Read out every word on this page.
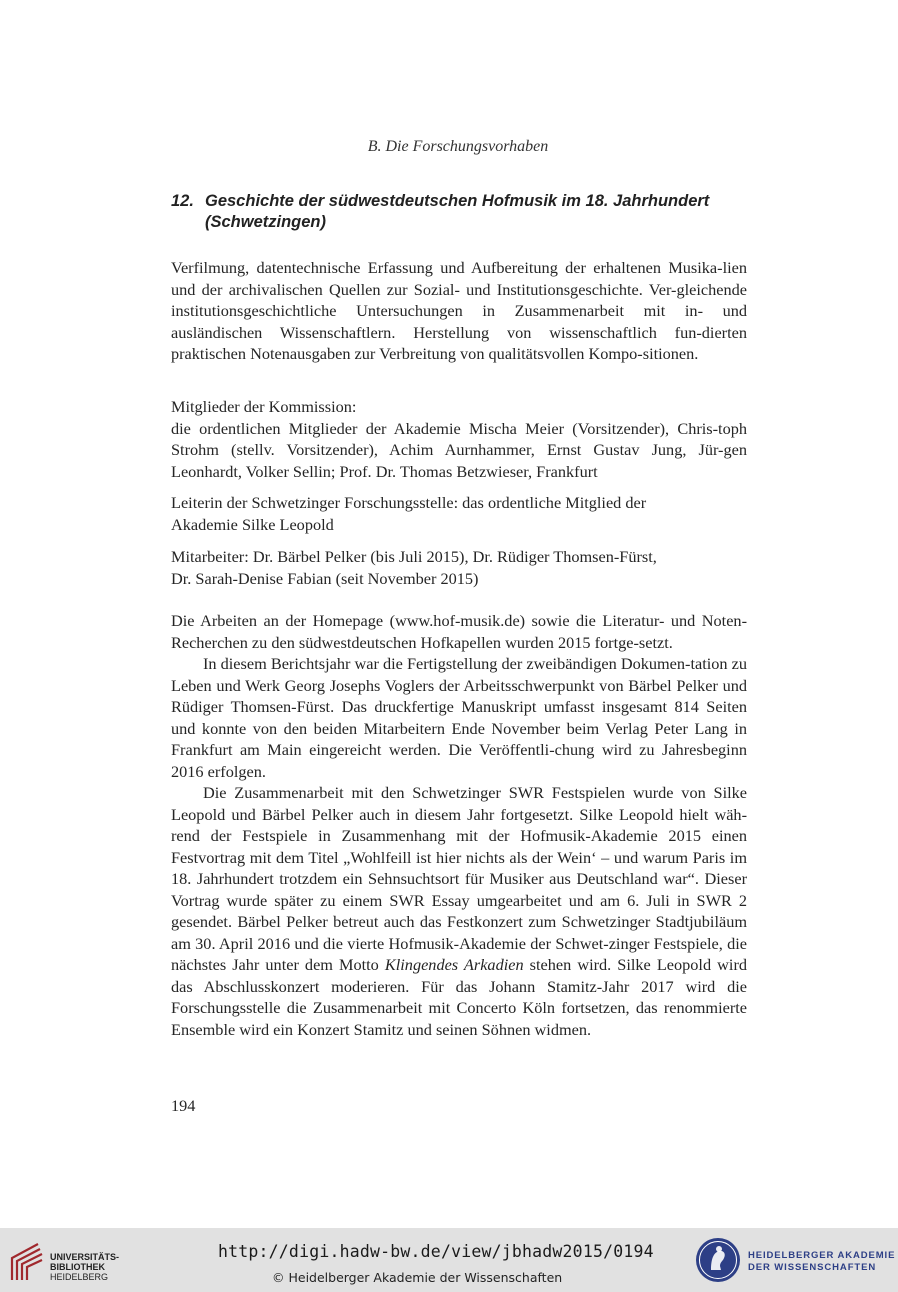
B. Die Forschungsvorhaben
12. Geschichte der südwestdeutschen Hofmusik im 18. Jahrhundert (Schwetzingen)

Verfilmung, datentechnische Erfassung und Aufbereitung der erhaltenen Musika-lien und der archivalischen Quellen zur Sozial- und Institutionsgeschichte. Ver-gleichende institutionsgeschichtliche Untersuchungen in Zusammenarbeit mit in- und ausländischen Wissenschaftlern. Herstellung von wissenschaftlich fun-dierten praktischen Notenausgaben zur Verbreitung von qualitätsvollen Kompo-sitionen.

Mitglieder der Kommission:

die ordentlichen Mitglieder der Akademie Mischa Meier (Vorsitzender), Chris-toph Strohm (stellv. Vorsitzender), Achim Aurnhammer, Ernst Gustav Jung, Jür-gen Leonhardt, Volker Sellin; Prof. Dr. Thomas Betzwieser, Frankfurt

Leiterin der Schwetzinger Forschungsstelle: das ordentliche Mitglied der

Akademie Silke Leopold

Mitarbeiter: Dr. Bärbel Pelker (bis Juli 2015), Dr. Rüdiger Thomsen-Fürst,

Dr. Sarah-Denise Fabian (seit November 2015)

Die Arbeiten an der Homepage (www.hof-musik.de) sowie die Literatur- und Noten-Recherchen zu den südwestdeutschen Hofkapellen wurden 2015 fortge-setzt.

In diesem Berichtsjahr war die Fertigstellung der zweibändigen Dokumen-tation zu Leben und Werk Georg Josephs Voglers der Arbeitsschwerpunkt von Bärbel Pelker und Rüdiger Thomsen-Fürst. Das druckfertige Manuskript umfasst insgesamt 814 Seiten und konnte von den beiden Mitarbeitern Ende November beim Verlag Peter Lang in Frankfurt am Main eingereicht werden. Die Veröffentli-chung wird zu Jahresbeginn 2016 erfolgen.

Die Zusammenarbeit mit den Schwetzinger SWR Festspielen wurde von Silke Leopold und Bärbel Pelker auch in diesem Jahr fortgesetzt. Silke Leopold hielt wäh-rend der Festspiele in Zusammenhang mit der Hofmusik-Akademie 2015 einen Festvortrag mit dem Titel „Wohlfeill ist hier nichts als der Wein‘ – und warum Paris im 18. Jahrhundert trotzdem ein Sehnsuchtsort für Musiker aus Deutschland war“. Dieser Vortrag wurde später zu einem SWR Essay umgearbeitet und am 6. Juli in SWR 2 gesendet. Bärbel Pelker betreut auch das Festkonzert zum Schwetzinger Stadtjubiläum am 30. April 2016 und die vierte Hofmusik-Akademie der Schwet-zinger Festspiele, die nächstes Jahr unter dem Motto Klingendes Arkadien stehen wird. Silke Leopold wird das Abschlusskonzert moderieren. Für das Johann Stamitz-Jahr 2017 wird die Forschungsstelle die Zusammenarbeit mit Concerto Köln fortsetzen, das renommierte Ensemble wird ein Konzert Stamitz und seinen Söhnen widmen.

194
UNIVERSITÄTS-
BIBLIOTHEK
HEIDELBERG
http://digi.hadw-bw.de/view/jbhadw2015/0194
© Heidelberger Akademie der Wissenschaften
HEIDELBERGER AKADEMIE
DER WISSENSCHAFTEN
